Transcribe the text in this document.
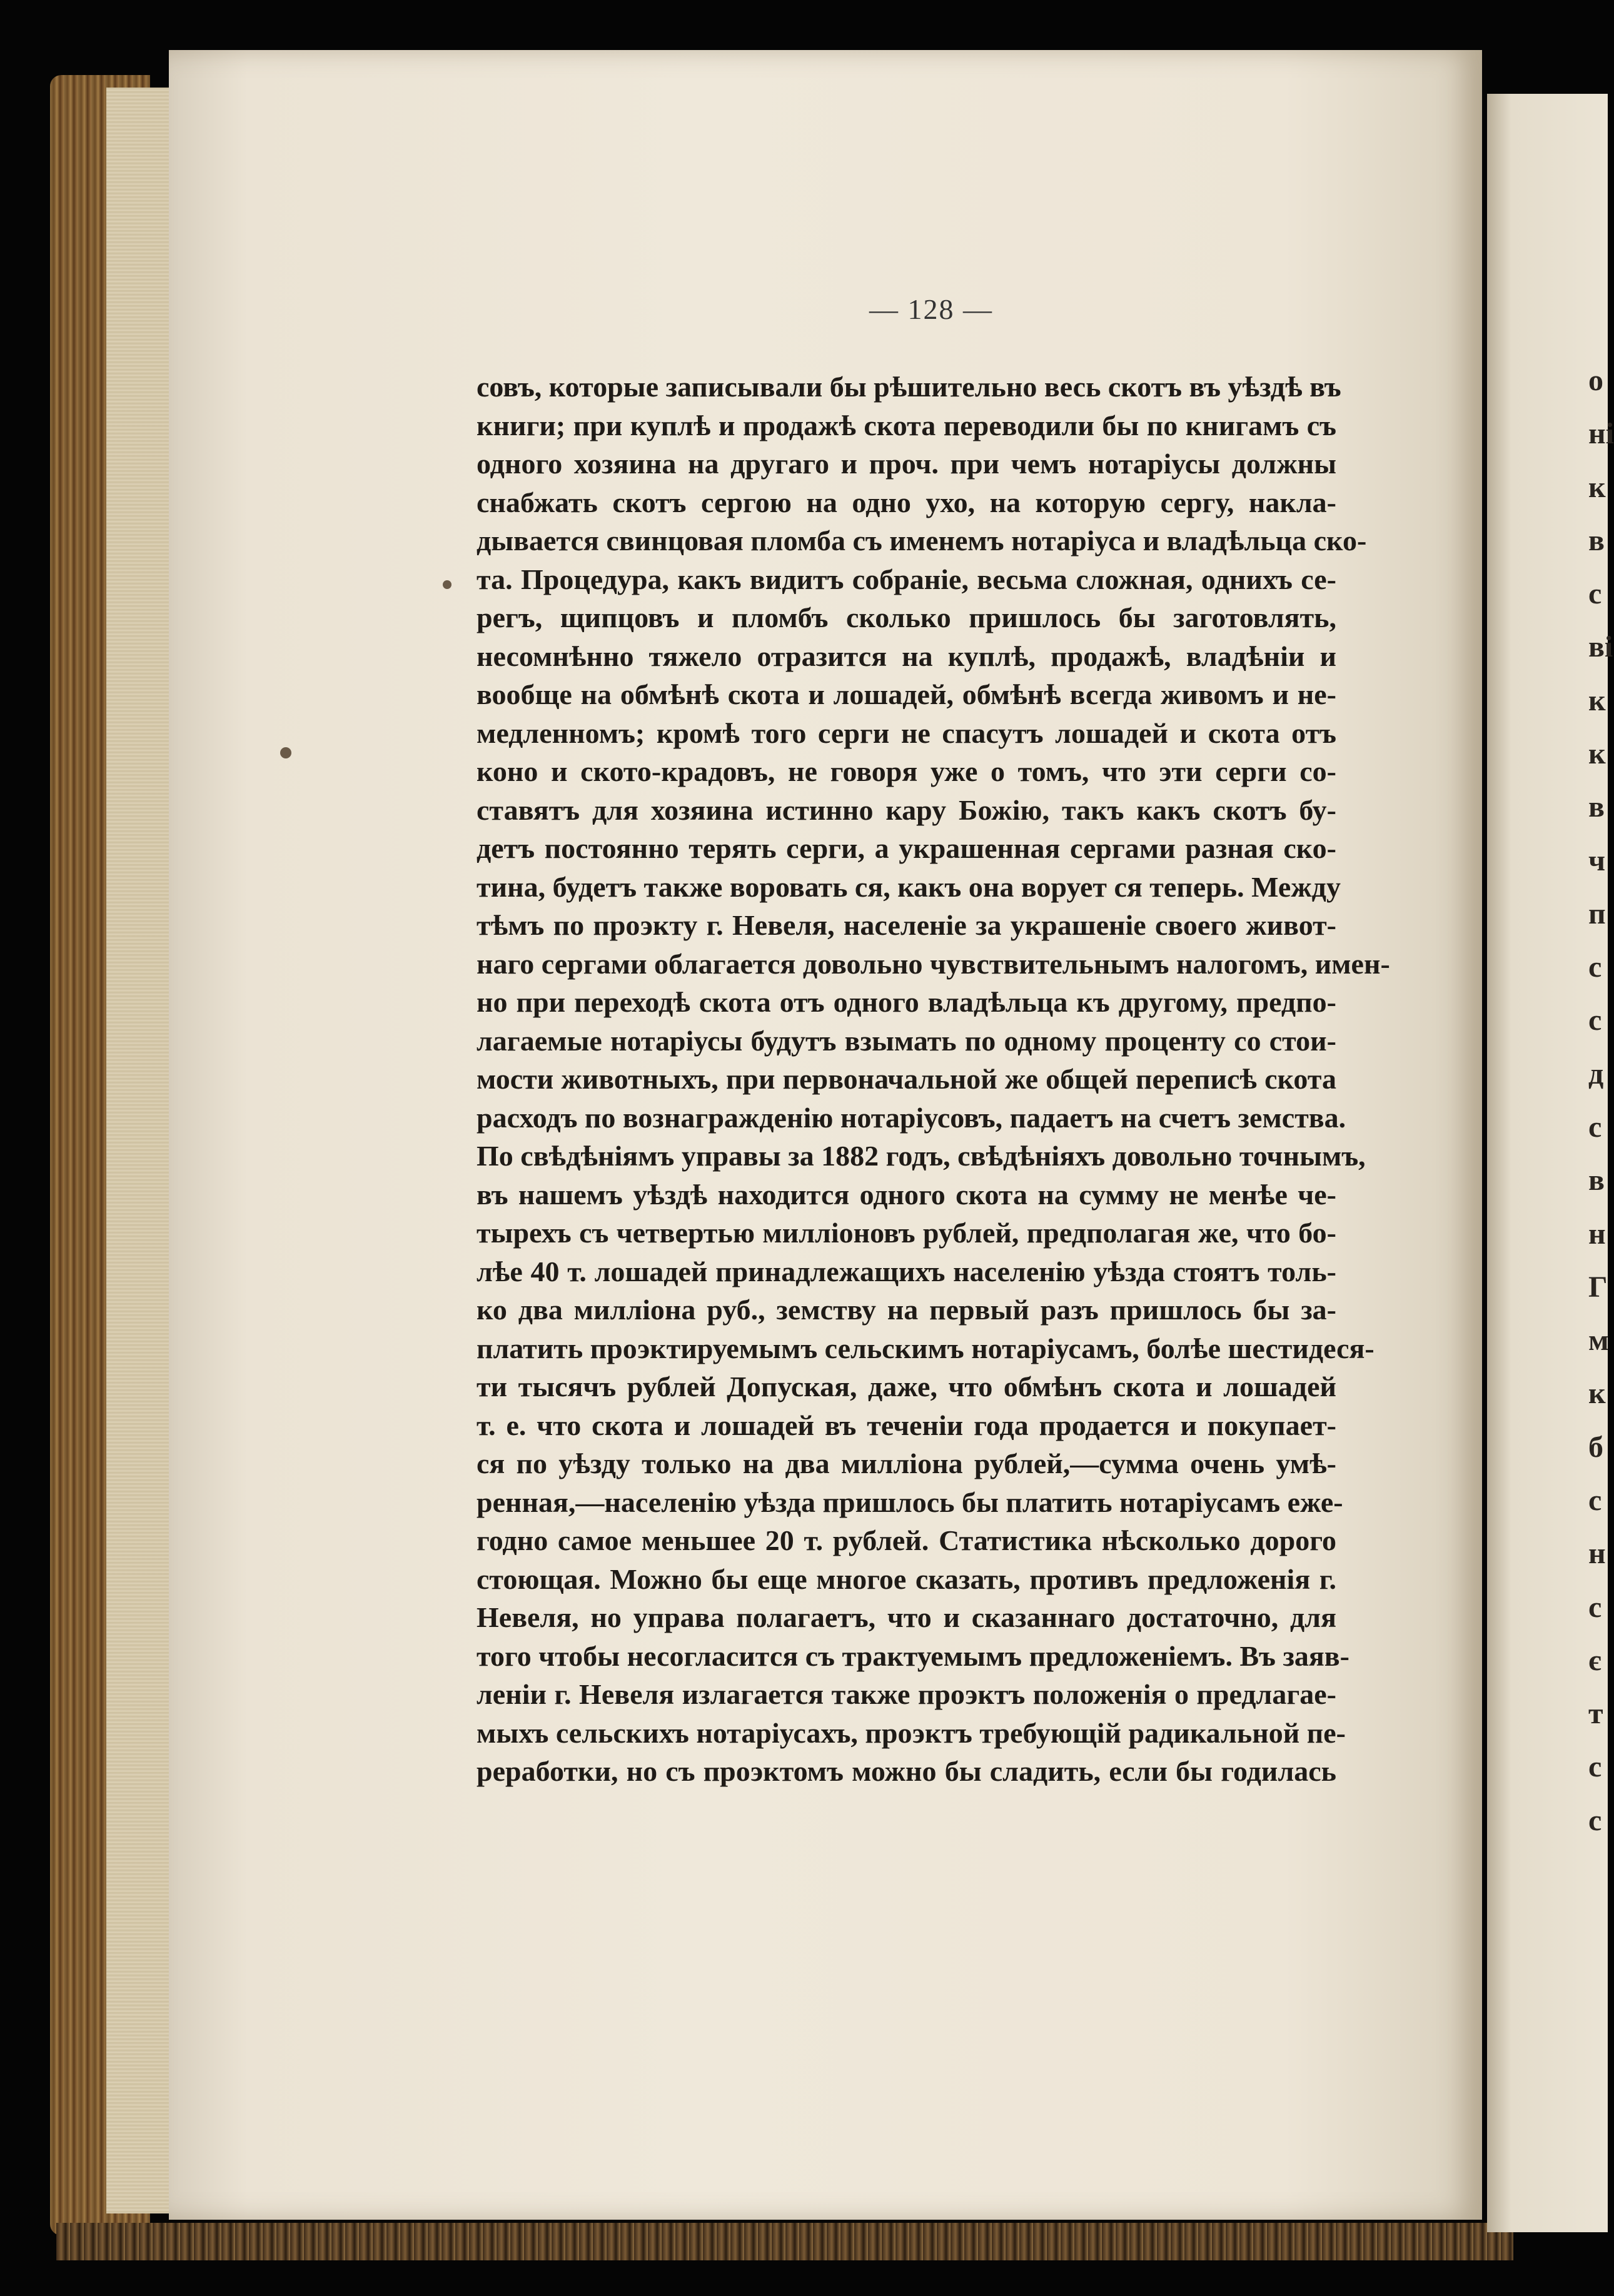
— 128 —
совъ, которые записывали бы рѣшительно весь скотъ въ уѣздѣ въ
книги; при куплѣ и продажѣ скота переводили бы по книгамъ съ
одного хозяина на другаго и проч. при чемъ нотаріусы должны
снабжать скотъ сергою на одно ухо, на которую сергу, накла-
дывается свинцовая пломба съ именемъ нотаріуса и владѣльца ско-
та. Процедура, какъ видитъ собраніе, весьма сложная, однихъ се-
регъ, щипцовъ и пломбъ сколько пришлось бы заготовлять,
несомнѣнно тяжело отразится на куплѣ, продажѣ, владѣніи и
вообще на обмѣнѣ скота и лошадей, обмѣнѣ всегда живомъ и не-
медленномъ; кромѣ того серги не спасутъ лошадей и скота отъ
коно и ското-крадовъ, не говоря уже о томъ, что эти серги со-
ставятъ для хозяина истинно кару Божію, такъ какъ скотъ бу-
детъ постоянно терять серги, а украшенная сергами разная ско-
тина, будетъ также воровать ся, какъ она ворует ся теперь. Между
тѣмъ по проэкту г. Невеля, населеніе за украшеніе своего живот-
наго сергами облагается довольно чувствительнымъ налогомъ, имен-
но при переходѣ скота отъ одного владѣльца къ другому, предпо-
лагаемые нотаріусы будутъ взымать по одному проценту со стои-
мости животныхъ, при первоначальной же общей переписѣ скота
расходъ по вознагражденію нотаріусовъ, падаетъ на счетъ земства.
По свѣдѣніямъ управы за 1882 годъ, свѣдѣніяхъ довольно точнымъ,
въ нашемъ уѣздѣ находится одного скота на сумму не менѣе че-
тырехъ съ четвертью милліоновъ рублей, предполагая же, что бо-
лѣе 40 т. лошадей принадлежащихъ населенію уѣзда стоятъ толь-
ко два милліона руб., земству на первый разъ пришлось бы за-
платить проэктируемымъ сельскимъ нотаріусамъ, болѣе шестидеся-
ти тысячъ рублей Допуская, даже, что обмѣнъ скота и лошадей
т. е. что скота и лошадей въ теченіи года продается и покупает-
ся по уѣзду только на два милліона рублей,—сумма очень умѣ-
ренная,—населенію уѣзда пришлось бы платить нотаріусамъ еже-
годно самое меньшее 20 т. рублей. Статистика нѣсколько дорого
стоющая. Можно бы еще многое сказать, противъ предложенія г.
Невеля, но управа полагаетъ, что и сказаннаго достаточно, для
того чтобы несогласится съ трактуемымъ предложеніемъ. Въ заяв-
леніи г. Невеля излагается также проэктъ положенія о предлагае-
мыхъ сельскихъ нотаріусахъ, проэктъ требующій радикальной пе-
реработки, но съ проэктомъ можно бы сладить, если бы годилась
о
ні
к
в
с
ві
к
к
в
ч
п
с
с
д
с
в
н
Г
м
к
б
с
н
с
є
т
с
с
